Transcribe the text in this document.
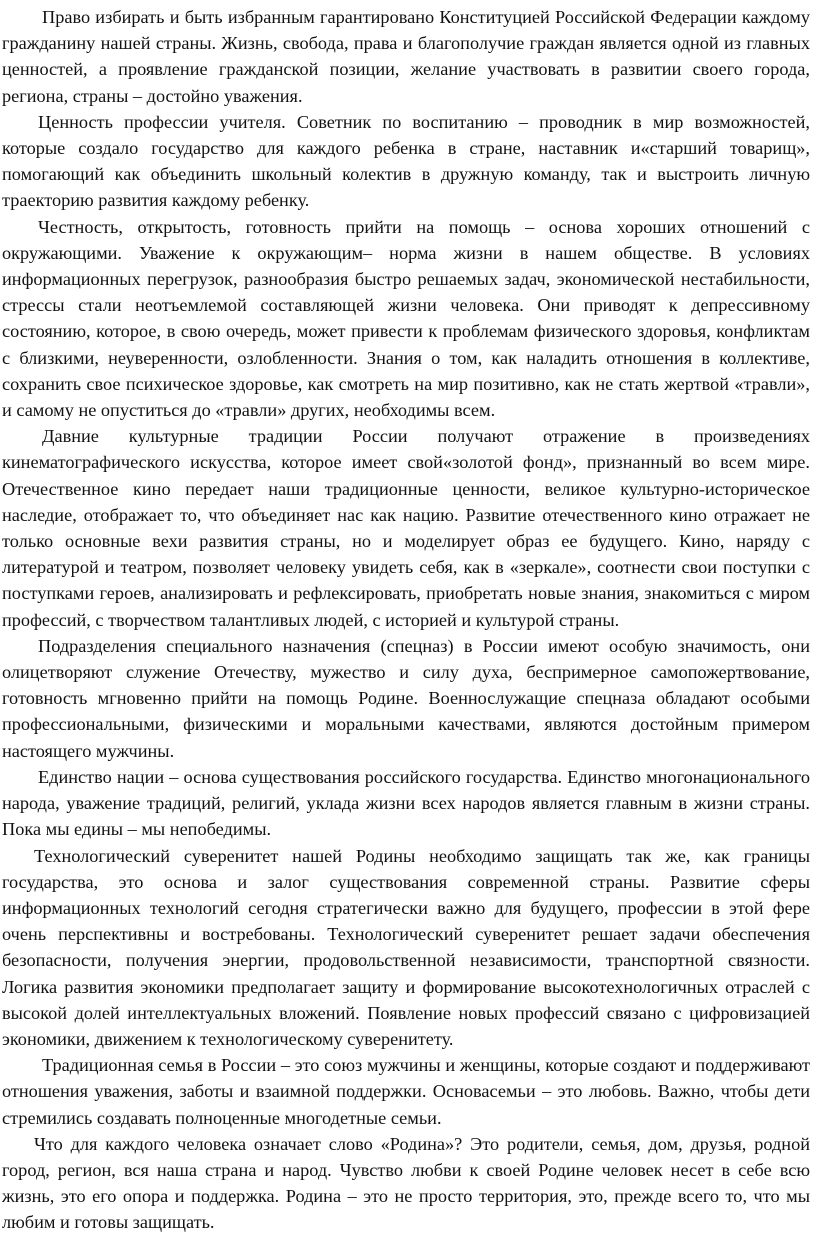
Право избирать и быть избранным гарантировано Конституцией Российской Федерации каждому гражданину нашей страны. Жизнь, свобода, права и благополучие граждан является одной из главных ценностей, а проявление гражданской позиции, желание участвовать в развитии своего города, региона, страны – достойно уважения.

Ценность профессии учителя. Советник по воспитанию – проводник в мир возможностей, которые создало государство для каждого ребенка в стране, наставник и«старший товарищ», помогающий как объединить школьный колектив в дружную команду, так и выстроить личную траекторию развития каждому ребенку.

Честность, открытость, готовность прийти на помощь – основа хороших отношений с окружающими. Уважение к окружающим– норма жизни в нашем обществе. В условиях информационных перегрузок, разнообразия быстро решаемых задач, экономической нестабильности, стрессы стали неотъемлемой составляющей жизни человека. Они приводят к депрессивному состоянию, которое, в свою очередь, может привести к проблемам физического здоровья, конфликтам с близкими, неуверенности, озлобленности. Знания о том, как наладить отношения в коллективе, сохранить свое психическое здоровье, как смотреть на мир позитивно, как не стать жертвой «травли», и самому не опуститься до «травли» других, необходимы всем.

Давние культурные традиции России получают отражение в произведениях кинематографического искусства, которое имеет свой«золотой фонд», признанный во всем мире. Отечественное кино передает наши традиционные ценности, великое культурно-историческое наследие, отображает то, что объединяет нас как нацию. Развитие отечественного кино отражает не только основные вехи развития страны, но и моделирует образ ее будущего. Кино, наряду с литературой и театром, позволяет человеку увидеть себя, как в «зеркале», соотнести свои поступки с поступками героев, анализировать и рефлексировать, приобретать новые знания, знакомиться с миром профессий, с творчеством талантливых людей, с историей и культурой страны.

Подразделения специального назначения (спецназ) в России имеют особую значимость, они олицетворяют служение Отечеству, мужество и силу духа, беспримерное самопожертвование, готовность мгновенно прийти на помощь Родине. Военнослужащие спецназа обладают особыми профессиональными, физическими и моральными качествами, являются достойным примером настоящего мужчины.

Единство нации – основа существования российского государства. Единство многонационального народа, уважение традиций, религий, уклада жизни всех народов является главным в жизни страны. Пока мы едины – мы непобедимы.

Технологический суверенитет нашей Родины необходимо защищать так же, как границы государства, это основа и залог существования современной страны. Развитие сферы информационных технологий сегодня стратегически важно для будущего, профессии в этой фере очень перспективны и востребованы. Технологический суверенитет решает задачи обеспечения безопасности, получения энергии, продовольственной независимости, транспортной связности. Логика развития экономики предполагает защиту и формирование высокотехнологичных отраслей с высокой долей интеллектуальных вложений. Появление новых профессий связано с цифровизацией экономики, движением к технологическому суверенитету.

Традиционная семья в России – это союз мужчины и женщины, которые создают и поддерживают отношения уважения, заботы и взаимной поддержки. Основасемьи – это любовь. Важно, чтобы дети стремились создавать полноценные многодетные семьи.

Что для каждого человека означает слово «Родина»? Это родители, семья, дом, друзья, родной город, регион, вся наша страна и народ. Чувство любви к своей Родине человек несет в себе всю жизнь, это его опора и поддержка. Родина – это не просто территория, это, прежде всего то, что мы любим и готовы защищать.
